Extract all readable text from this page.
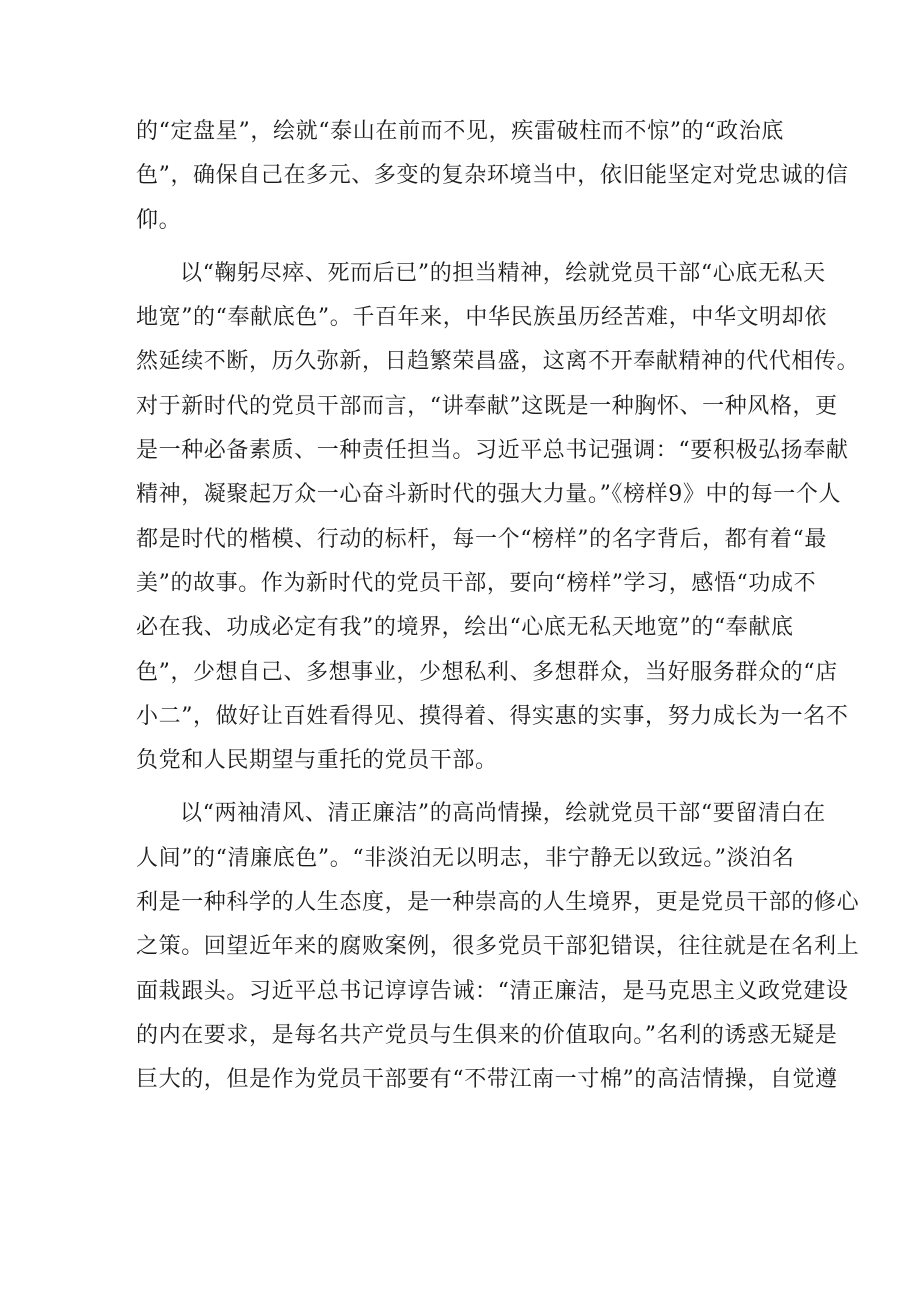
的“定盘星”，绘就“泰山在前而不见，疾雷破柱而不惊”的“政治底
色”，确保自己在多元、多变的复杂环境当中，依旧能坚定对党忠诚的信
仰。
以“鞠躬尽瘁、死而后已”的担当精神，绘就党员干部“心底无私天
地宽”的“奉献底色”。千百年来，中华民族虽历经苦难，中华文明却依
然延续不断，历久弥新，日趋繁荣昌盛，这离不开奉献精神的代代相传。
对于新时代的党员干部而言，“讲奉献”这既是一种胸怀、一种风格，更
是一种必备素质、一种责任担当。习近平总书记强调：“要积极弘扬奉献
精神，凝聚起万众一心奋斗新时代的强大力量。”《榜样9》中的每一个人
都是时代的楷模、行动的标杆，每一个“榜样”的名字背后，都有着“最
美”的故事。作为新时代的党员干部，要向“榜样”学习，感悟“功成不
必在我、功成必定有我”的境界，绘出“心底无私天地宽”的“奉献底
色”，少想自己、多想事业，少想私利、多想群众，当好服务群众的“店
小二”，做好让百姓看得见、摸得着、得实惠的实事，努力成长为一名不
负党和人民期望与重托的党员干部。
以“两袖清风、清正廉洁”的高尚情操，绘就党员干部“要留清白在
人间”的“清廉底色”。“非淡泊无以明志，非宁静无以致远。”淡泊名
利是一种科学的人生态度，是一种崇高的人生境界，更是党员干部的修心
之策。回望近年来的腐败案例，很多党员干部犯错误，往往就是在名利上
面栽跟头。习近平总书记谆谆告诫：“清正廉洁，是马克思主义政党建设
的内在要求，是每名共产党员与生俱来的价值取向。”名利的诱惑无疑是
巨大的，但是作为党员干部要有“不带江南一寸棉”的高洁情操，自觉遵
